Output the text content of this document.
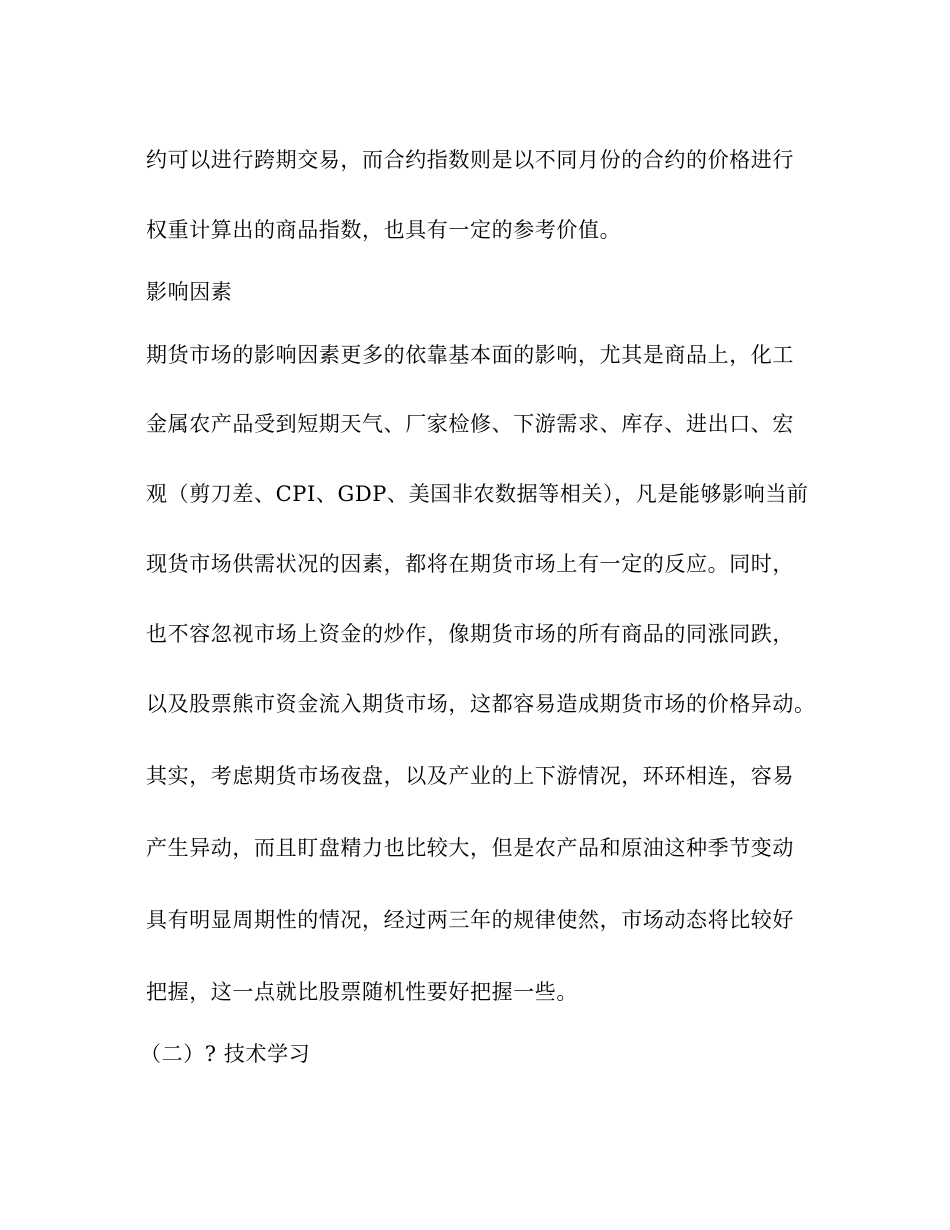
约可以进行跨期交易，而合约指数则是以不同月份的合约的价格进行
权重计算出的商品指数，也具有一定的参考价值。
影响因素
期货市场的影响因素更多的依靠基本面的影响，尤其是商品上，化工
金属农产品受到短期天气、厂家检修、下游需求、库存、进出口、宏
观（剪刀差、CPI、GDP、美国非农数据等相关），凡是能够影响当前
现货市场供需状况的因素，都将在期货市场上有一定的反应。同时，
也不容忽视市场上资金的炒作，像期货市场的所有商品的同涨同跌，
以及股票熊市资金流入期货市场，这都容易造成期货市场的价格异动。
其实，考虑期货市场夜盘，以及产业的上下游情况，环环相连，容易
产生异动，而且盯盘精力也比较大，但是农产品和原油这种季节变动
具有明显周期性的情况，经过两三年的规律使然，市场动态将比较好
把握，这一点就比股票随机性要好把握一些。
（二）? 技术学习
